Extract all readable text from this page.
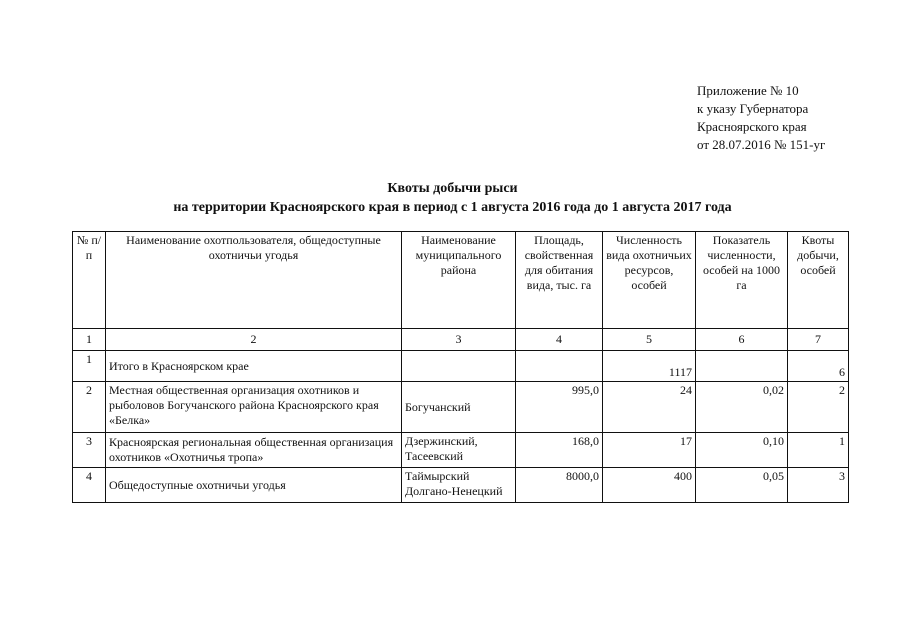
Приложение № 10
к указу Губернатора
Красноярского края
от 28.07.2016 № 151-уг
Квоты добычи рыси
на территории Красноярского края в период с 1 августа 2016 года до 1 августа 2017 года
№ п/п	Наименование охотпользователя, общедоступные охотничьи угодья	Наименование муниципального района	Площадь, свойственная для обитания вида, тыс. га	Численность вида охотничьих ресурсов, особей	Показатель численности, особей на 1000 га	Квоты добычи, особей
1	2	3	4	5	6	7
1	Итого в Красноярском крае			1117		6
2	Местная общественная организация охотников и рыболовов Богучанского района Красноярского края «Белка»	Богучанский	995,0	24	0,02	2
3	Красноярская региональная общественная организация охотников «Охотничья тропа»	Дзержинский, Тасеевский	168,0	17	0,10	1
4	Общедоступные охотничьи угодья	Таймырский Долгано-Ненецкий	8000,0	400	0,05	3
